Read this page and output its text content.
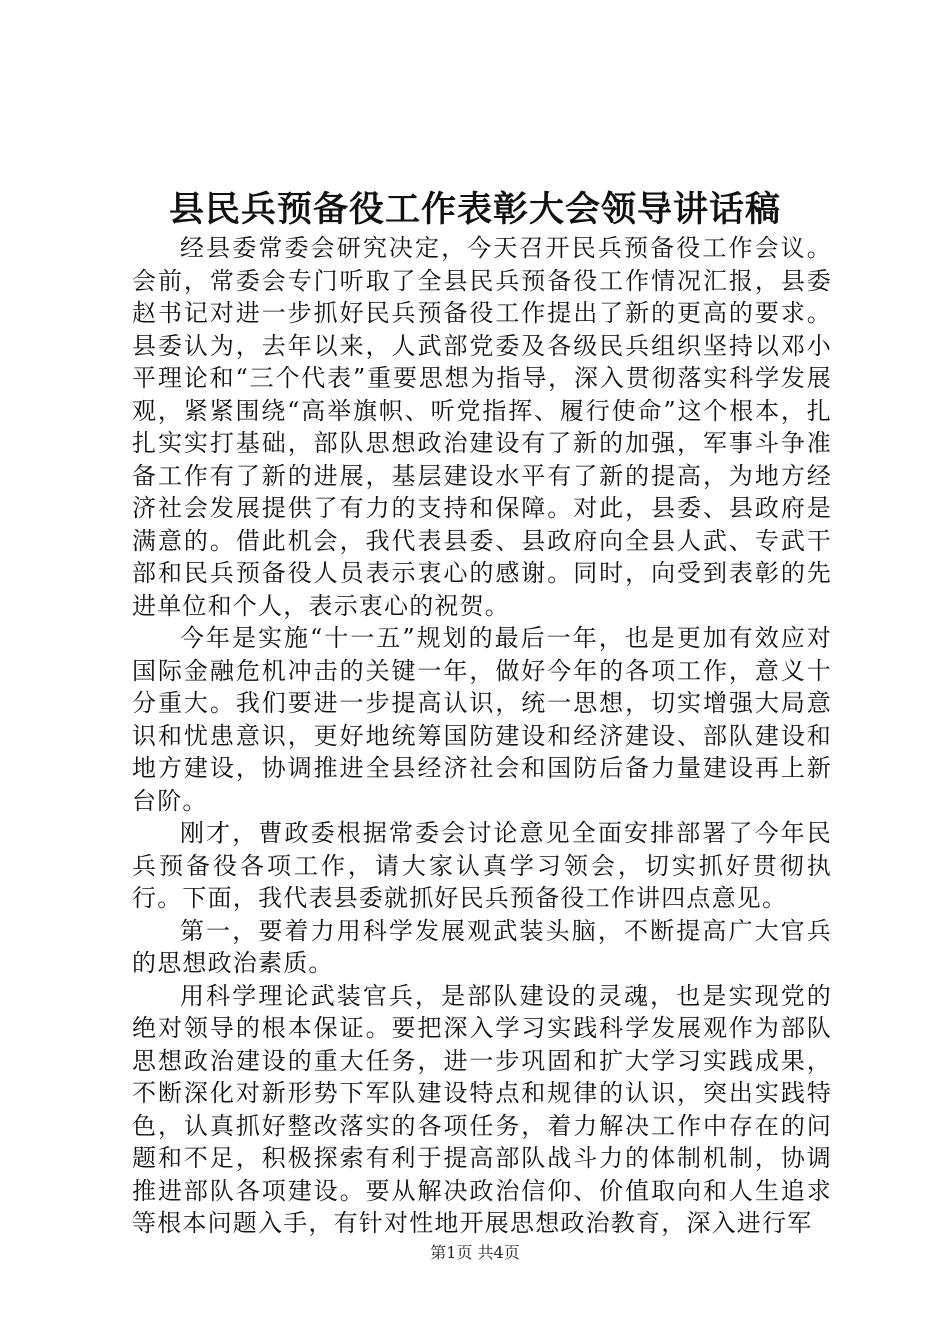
县民兵预备役工作表彰大会领导讲话稿

经县委常委会研究决定，今天召开民兵预备役工作会议。会前，常委会专门听取了全县民兵预备役工作情况汇报，县委赵书记对进一步抓好民兵预备役工作提出了新的更高的要求。县委认为，去年以来，人武部党委及各级民兵组织坚持以邓小平理论和“三个代表”重要思想为指导，深入贯彻落实科学发展观，紧紧围绕“高举旗帜、听党指挥、履行使命”这个根本，扎扎实实打基础，部队思想政治建设有了新的加强，军事斗争准备工作有了新的进展，基层建设水平有了新的提高，为地方经济社会发展提供了有力的支持和保障。对此，县委、县政府是满意的。借此机会，我代表县委、县政府向全县人武、专武干部和民兵预备役人员表示衷心的感谢。同时，向受到表彰的先进单位和个人，表示衷心的祝贺。

今年是实施“十一五”规划的最后一年，也是更加有效应对国际金融危机冲击的关键一年，做好今年的各项工作，意义十分重大。我们要进一步提高认识，统一思想，切实增强大局意识和忧患意识，更好地统筹国防建设和经济建设、部队建设和地方建设，协调推进全县经济社会和国防后备力量建设再上新台阶。

刚才，曹政委根据常委会讨论意见全面安排部署了今年民兵预备役各项工作，请大家认真学习领会，切实抓好贯彻执行。下面，我代表县委就抓好民兵预备役工作讲四点意见。

第一，要着力用科学发展观武装头脑，不断提高广大官兵的思想政治素质。

用科学理论武装官兵，是部队建设的灵魂，也是实现党的绝对领导的根本保证。要把深入学习实践科学发展观作为部队思想政治建设的重大任务，进一步巩固和扩大学习实践成果，不断深化对新形势下军队建设特点和规律的认识，突出实践特色，认真抓好整改落实的各项任务，着力解决工作中存在的问题和不足，积极探索有利于提高部队战斗力的体制机制，协调推进部队各项建设。要从解决政治信仰、价值取向和人生追求等根本问题入手，有针对性地开展思想政治教育，深入进行军

第1页 共4页
